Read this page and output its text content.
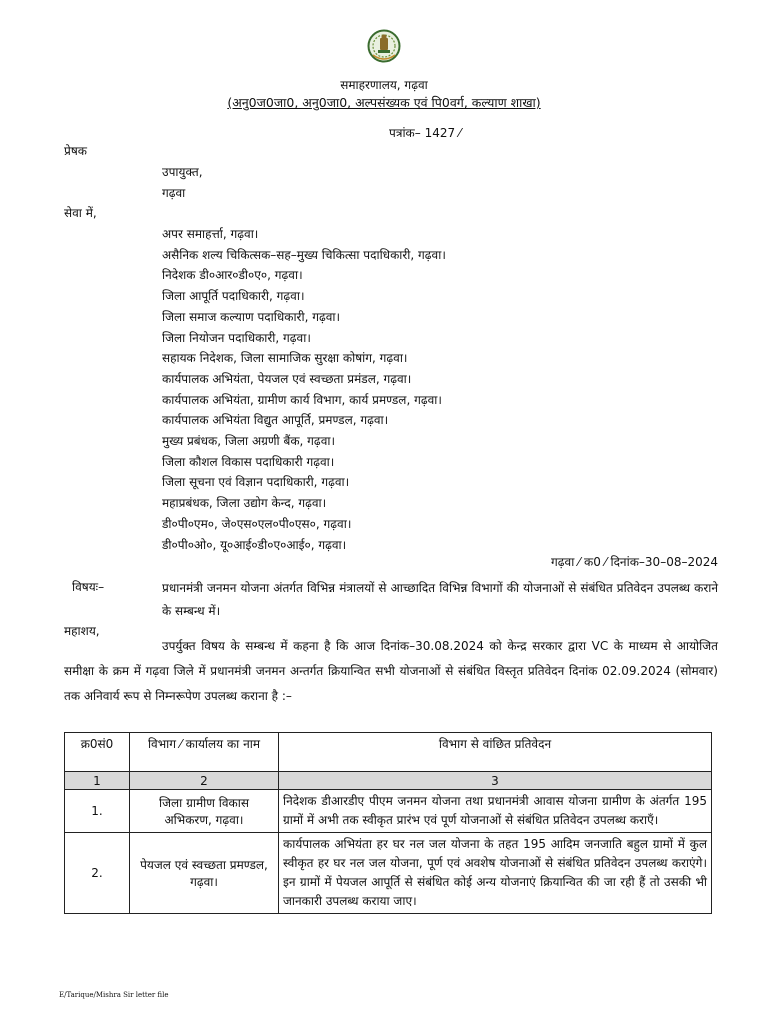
समाहरणालय, गढ़वा
(अनु0ज0जा0, अनु0जा0, अल्पसंख्यक एवं पि0वर्ग, कल्याण शाखा)
पत्रांक– 1427 ⁄
प्रेषक
उपायुक्त,
गढ़वा
सेवा में,
अपर समाहर्त्ता, गढ़वा।
असैनिक शल्य चिकित्सक–सह–मुख्य चिकित्सा पदाधिकारी, गढ़वा।
निदेशक डी०आर०डी०ए०, गढ़वा।
जिला आपूर्ति पदाधिकारी, गढ़वा।
जिला समाज कल्याण पदाधिकारी, गढ़वा।
जिला नियोजन पदाधिकारी, गढ़वा।
सहायक निदेशक, जिला सामाजिक सुरक्षा कोषांग, गढ़वा।
कार्यपालक अभियंता, पेयजल एवं स्वच्छता प्रमंडल, गढ़वा।
कार्यपालक अभियंता, ग्रामीण कार्य विभाग, कार्य प्रमण्डल, गढ़वा।
कार्यपालक अभियंता विद्युत आपूर्ति, प्रमण्डल, गढ़वा।
मुख्य प्रबंधक, जिला अग्रणी बैंक, गढ़वा।
जिला कौशल विकास पदाधिकारी गढ़वा।
जिला सूचना एवं विज्ञान पदाधिकारी, गढ़वा।
महाप्रबंधक, जिला उद्योग केन्द, गढ़वा।
डी०पी०एम०, जे०एस०एल०पी०एस०, गढ़वा।
डी०पी०ओ०, यू०आई०डी०ए०आई०, गढ़वा।
गढ़वा ⁄ क0 ⁄ दिनांक–30–08–2024
विषयः–	प्रधानमंत्री जनमन योजना अंतर्गत विभिन्न मंत्रालयों से आच्छादित विभिन्न विभागों की योजनाओं से संबंधित प्रतिवेदन उपलब्ध कराने के सम्बन्ध में।
महाशय,
उपर्युक्त विषय के सम्बन्ध में कहना है कि आज दिनांक–30.08.2024 को केन्द्र सरकार द्वारा VC के माध्यम से आयोजित समीक्षा के क्रम में गढ़वा जिले में प्रधानमंत्री जनमन अन्तर्गत क्रियान्वित सभी योजनाओं से संबंधित विस्तृत प्रतिवेदन दिनांक 02.09.2024 (सोमवार) तक अनिवार्य रूप से निम्नरूपेण उपलब्ध कराना है :–
क्र0सं0	विभाग ⁄ कार्यालय का नाम	विभाग से वांछित प्रतिवेदन
1	2	3
1.	जिला ग्रामीण विकास अभिकरण, गढ़वा।	निदेशक डीआरडीए पीएम जनमन योजना तथा प्रधानमंत्री आवास योजना ग्रामीण के अंतर्गत 195 ग्रामों में अभी तक स्वीकृत प्रारंभ एवं पूर्ण योजनाओं से संबंधित प्रतिवेदन उपलब्ध कराएँ।
2.	पेयजल एवं स्वच्छता प्रमण्डल, गढ़वा।	कार्यपालक अभियंता हर घर नल जल योजना के तहत 195 आदिम जनजाति बहुल ग्रामों में कुल स्वीकृत हर घर नल जल योजना, पूर्ण एवं अवशेष योजनाओं से संबंधित प्रतिवेदन उपलब्ध कराएंगे। इन ग्रामों में पेयजल आपूर्ति से संबंधित कोई अन्य योजनाएं क्रियान्वित की जा रही हैं तो उसकी भी जानकारी उपलब्ध कराया जाए।
E/Tarique/Mishra Sir letter file
